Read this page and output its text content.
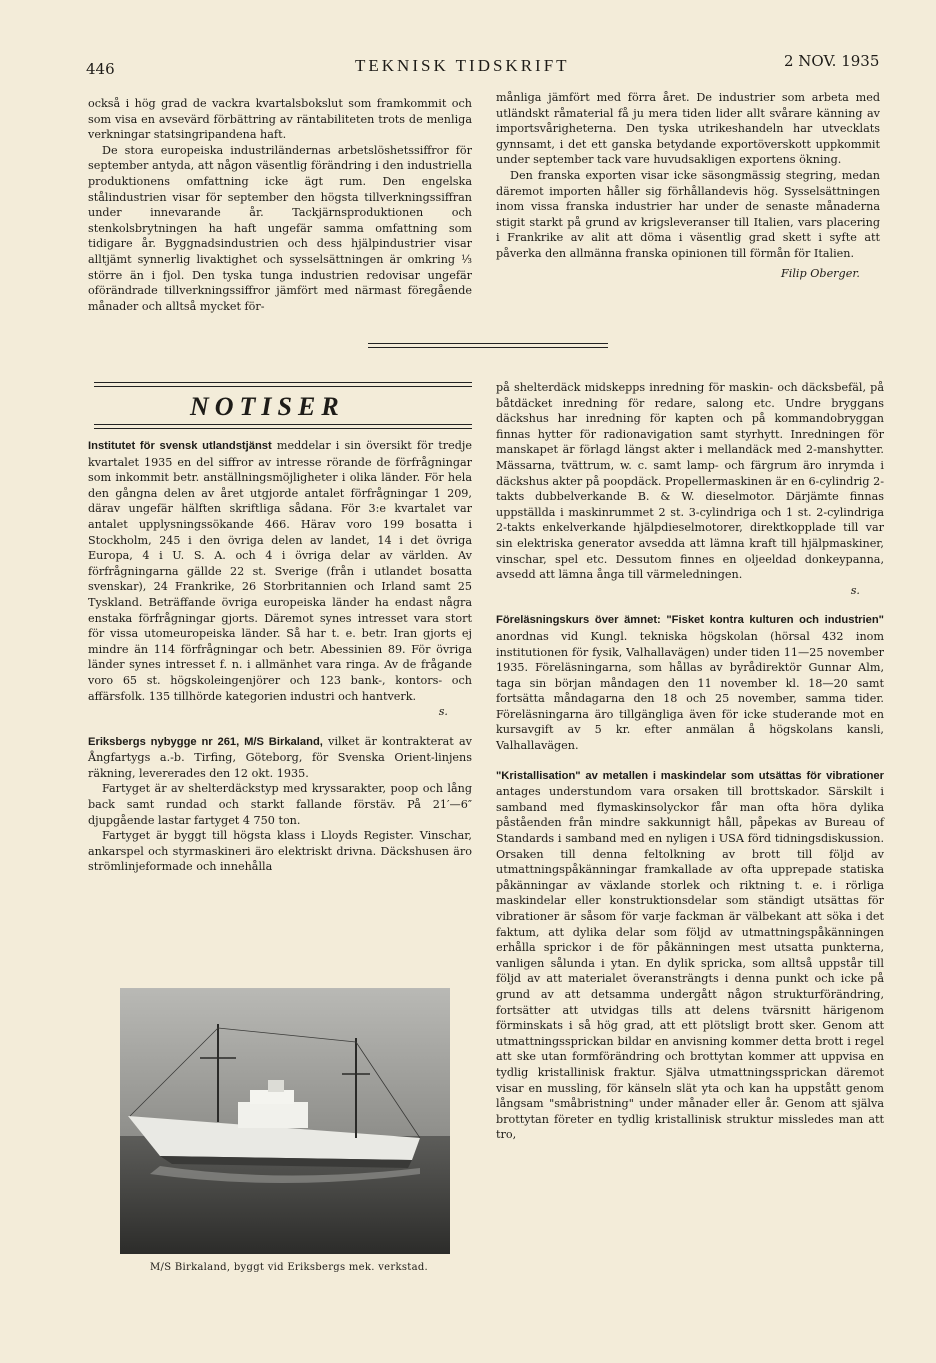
446	TEKNISK TIDSKRIFT	2 NOV. 1935

också i hög grad de vackra kvartalsbokslut som framkommit och som visa en avsevärd förbättring av räntabiliteten trots de menliga verkningar statsingripandena haft.

De stora europeiska industriländernas arbetslöshetssiffror för september antyda, att någon väsentlig förändring i den industriella produktionens omfattning icke ägt rum. Den engelska stålindustrien visar för september den högsta tillverkningssiffran under innevarande år. Tackjärnsproduktionen och stenkolsbrytningen ha haft ungefär samma omfattning som tidigare år. Byggnadsindustrien och dess hjälpindustrier visar alltjämt synnerlig livaktighet och sysselsättningen är omkring ⅓ större än i fjol. Den tyska tunga industrien redovisar ungefär oförändrade tillverkningssiffror jämfört med närmast föregående månader och alltså mycket för-

månliga jämfört med förra året. De industrier som arbeta med utländskt råmaterial få ju mera tiden lider allt svårare känning av importsvårigheterna. Den tyska utrikeshandeln har utvecklats gynnsamt, i det ett ganska betydande exportöverskott uppkommit under september tack vare huvudsakligen exportens ökning.

Den franska exporten visar icke säsongmässig stegring, medan däremot importen håller sig förhållandevis hög. Sysselsättningen inom vissa franska industrier har under de senaste månaderna stigit starkt på grund av krigsleveranser till Italien, vars placering i Frankrike av alit att döma i väsentlig grad skett i syfte att påverka den allmänna franska opinionen till förmån för Italien.

Filip Oberger.
NOTISER

Institutet för svensk utlandstjänst meddelar i sin översikt för tredje kvartalet 1935 en del siffror av intresse rörande de förfrågningar som inkommit betr. anställningsmöjligheter i olika länder. För hela den gångna delen av året utgjorde antalet förfrågningar 1 209, därav ungefär hälften skriftliga sådana. För 3:e kvartalet var antalet upplysningssökande 466. Härav voro 199 bosatta i Stockholm, 245 i den övriga delen av landet, 14 i det övriga Europa, 4 i U. S. A. och 4 i övriga delar av världen. Av förfrågningarna gällde 22 st. Sverige (från i utlandet bosatta svenskar), 24 Frankrike, 26 Storbritannien och Irland samt 25 Tyskland. Beträffande övriga europeiska länder ha endast några enstaka förfrågningar gjorts. Däremot synes intresset vara stort för vissa utomeuropeiska länder. Så har t. e. betr. Iran gjorts ej mindre än 114 förfrågningar och betr. Abessinien 89. För övriga länder synes intresset f. n. i allmänhet vara ringa. Av de frågande voro 65 st. högskoleingenjörer och 123 bank-, kontors- och affärsfolk. 135 tillhörde kategorien industri och hantverk.

s.

Eriksbergs nybygge nr 261, M/S Birkaland, vilket är kontrakterat av Ångfartygs a.-b. Tirfing, Göteborg, för Svenska Orient-linjens räkning, levererades den 12 okt. 1935.

Fartyget är av shelterdäckstyp med kryssarakter, poop och lång back samt rundad och starkt fallande förstäv. På 21′—6″ djupgående lastar fartyget 4 750 ton.

Fartyget är byggt till högsta klass i Lloyds Register. Vinschar, ankarspel och styrmaskineri äro elektriskt drivna. Däckshusen äro strömlinjeformade och innehålla

M/S Birkaland, byggt vid Eriksbergs mek. verkstad.

på shelterdäck midskepps inredning för maskin- och däcksbefäl, på båtdäcket inredning för redare, salong etc. Undre bryggans däckshus har inredning för kapten och på kommandobryggan finnas hytter för radionavigation samt styrhytt. Inredningen för manskapet är förlagd längst akter i mellandäck med 2-manshytter. Mässarna, tvättrum, w. c. samt lamp- och färgrum äro inrymda i däckshus akter på poopdäck. Propellermaskinen är en 6-cylindrig 2-takts dubbelverkande B. & W. dieselmotor. Därjämte finnas uppställda i maskinrummet 2 st. 3-cylindriga och 1 st. 2-cylindriga 2-takts enkelverkande hjälpdieselmotorer, direktkopplade till var sin elektriska generator avsedda att lämna kraft till hjälpmaskiner, vinschar, spel etc. Dessutom finnes en oljeeldad donkeypanna, avsedd att lämna ånga till värmeledningen.

s.

Föreläsningskurs över ämnet: "Fisket kontra kulturen och industrien" anordnas vid Kungl. tekniska högskolan (hörsal 432 inom institutionen för fysik, Valhallavägen) under tiden 11—25 november 1935. Föreläsningarna, som hållas av byrådirektör Gunnar Alm, taga sin början måndagen den 11 november kl. 18—20 samt fortsätta måndagarna den 18 och 25 november, samma tider. Föreläsningarna äro tillgängliga även för icke studerande mot en kursavgift av 5 kr. efter anmälan å högskolans kansli, Valhallavägen.

"Kristallisation" av metallen i maskindelar som utsättas för vibrationer antages understundom vara orsaken till brottskador. Särskilt i samband med flymaskinsolyckor får man ofta höra dylika påståenden från mindre sakkunnigt håll, påpekas av Bureau of Standards i samband med en nyligen i USA förd tidningsdiskussion. Orsaken till denna feltolkning av brott till följd av utmattningspåkänningar framkallade av ofta upprepade statiska påkänningar av växlande storlek och riktning t. e. i rörliga maskindelar eller konstruktionsdelar som ständigt utsättas för vibrationer är såsom för varje fackman är välbekant att söka i det faktum, att dylika delar som följd av utmattningspåkänningen erhålla sprickor i de för påkänningen mest utsatta punkterna, vanligen sålunda i ytan. En dylik spricka, som alltså uppstår till följd av att materialet överansträngts i denna punkt och icke på grund av att detsamma undergått någon strukturförändring, fortsätter att utvidgas tills att delens tvärsnitt härigenom förminskats i så hög grad, att ett plötsligt brott sker. Genom att utmattningssprickan bildar en anvisning kommer detta brott i regel att ske utan formförändring och brottytan kommer att uppvisa en tydlig kristallinisk fraktur. Själva utmattningssprickan däremot visar en mussling, för känseln slät yta och kan ha uppstått genom långsam "småbristning" under månader eller år. Genom att själva brottytan företer en tydlig kristallinisk struktur missledes man att tro,
